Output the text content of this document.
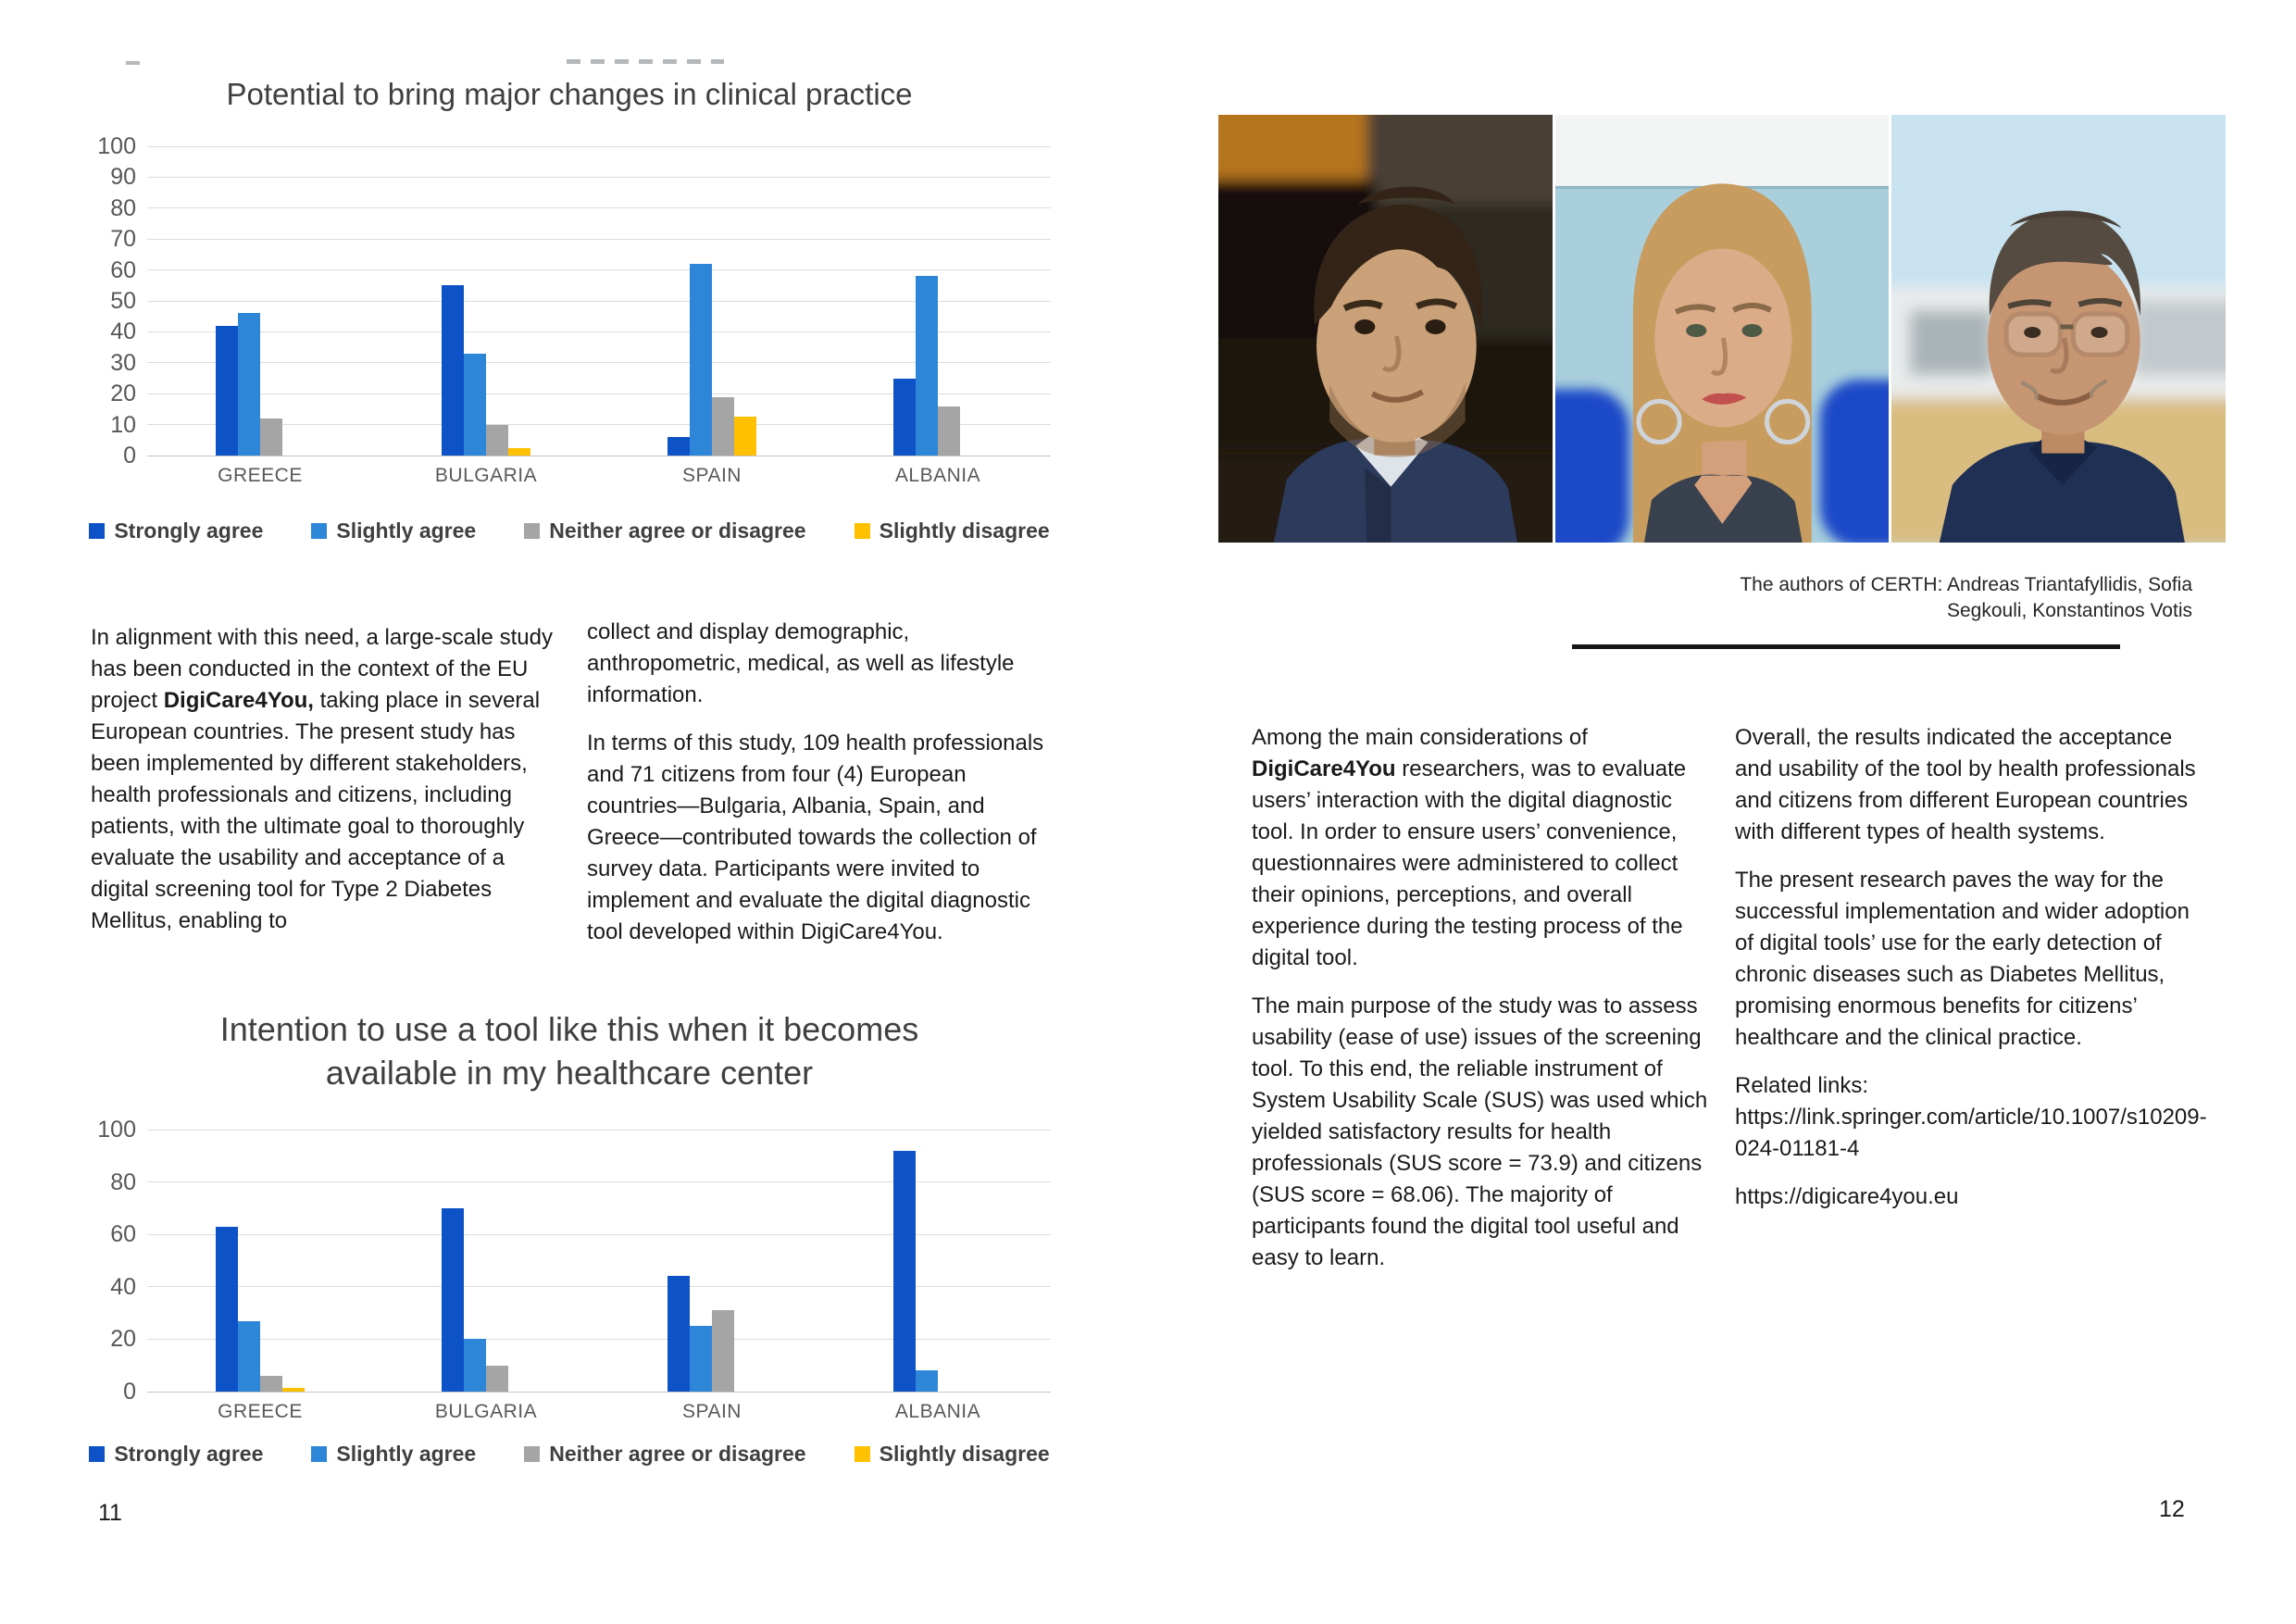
Potential to bring major changes in clinical practice
0
10
20
30
40
50
60
70
80
90
100
GREECE	BULGARIA	SPAIN	ALBANIA
Strongly agree	Slightly agree	Neither agree or disagree	Slightly disagree

In alignment with this need, a large-scale study has been conducted in the context of the EU project DigiCare4You, taking place in several European countries. The present study has been implemented by different stakeholders, health professionals and citizens, including patients, with the ultimate goal to thoroughly evaluate the usability and acceptance of a digital screening tool for Type 2 Diabetes Mellitus, enabling to

collect and display demographic, anthropometric, medical, as well as lifestyle information.

In terms of this study, 109 health professionals and 71 citizens from four (4) European countries—Bulgaria, Albania, Spain, and Greece—contributed towards the collection of survey data. Participants were invited to implement and evaluate the digital diagnostic tool developed within DigiCare4You.

Intention to use a tool like this when it becomes available in my healthcare center
0
20
40
60
80
100
GREECE	BULGARIA	SPAIN	ALBANIA
Strongly agree	Slightly agree	Neither agree or disagree	Slightly disagree
11
The authors of CERTH: Andreas Triantafyllidis, Sofia
Segkouli, Konstantinos Votis

Among the main considerations of DigiCare4You researchers, was to evaluate users’ interaction with the digital diagnostic tool. In order to ensure users’ convenience, questionnaires were administered to collect their opinions, perceptions, and overall experience during the testing process of the digital tool.

The main purpose of the study was to assess usability (ease of use) issues of the screening tool. To this end, the reliable instrument of System Usability Scale (SUS) was used which yielded satisfactory results for health professionals (SUS score = 73.9) and citizens (SUS score = 68.06). The majority of participants found the digital tool useful and easy to learn.

Overall, the results indicated the acceptance and usability of the tool by health professionals and citizens from different European countries with different types of health systems.

The present research paves the way for the successful implementation and wider adoption of digital tools’ use for the early detection of chronic diseases such as Diabetes Mellitus, promising enormous benefits for citizens’ healthcare and the clinical practice.

Related links: https://link.springer.com/article/10.1007/s10209-024-01181-4

https://digicare4you.eu

12
